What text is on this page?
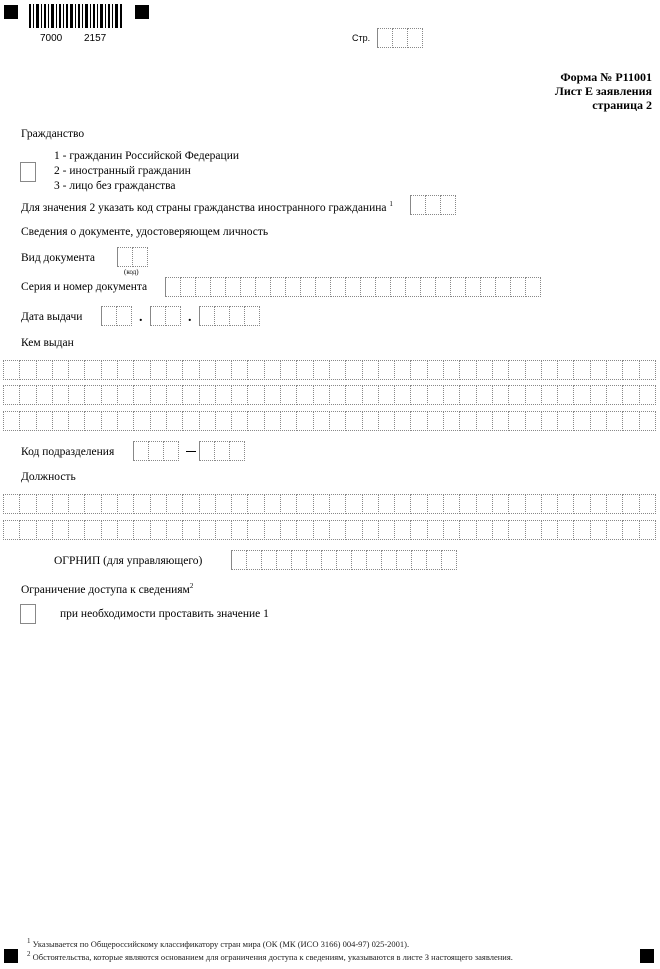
7000 2157	Стр.
Форма № Р11001
Лист Е заявления
страница 2
Гражданство
1 - гражданин Российской Федерации
2 - иностранный гражданин
3 - лицо без гражданства
Для значения 2 указать код страны гражданства иностранного гражданина $^1$
Сведения о документе, удостоверяющем личность
Вид документа
(код)
Серия и номер документа
Дата выдачи	.	.
Кем выдан
Код подразделения
Должность
ОГРНИП (для управляющего)
Ограничение доступа к сведениям$^2$
при необходимости проставить значение 1
$^1$ Указывается по Общероссийскому классификатору стран мира (ОК (МК (ИСО 3166) 004-97) 025-2001).
$^2$ Обстоятельства, которые являются основанием для ограничения доступа к сведениям, указываются в листе З настоящего заявления.
